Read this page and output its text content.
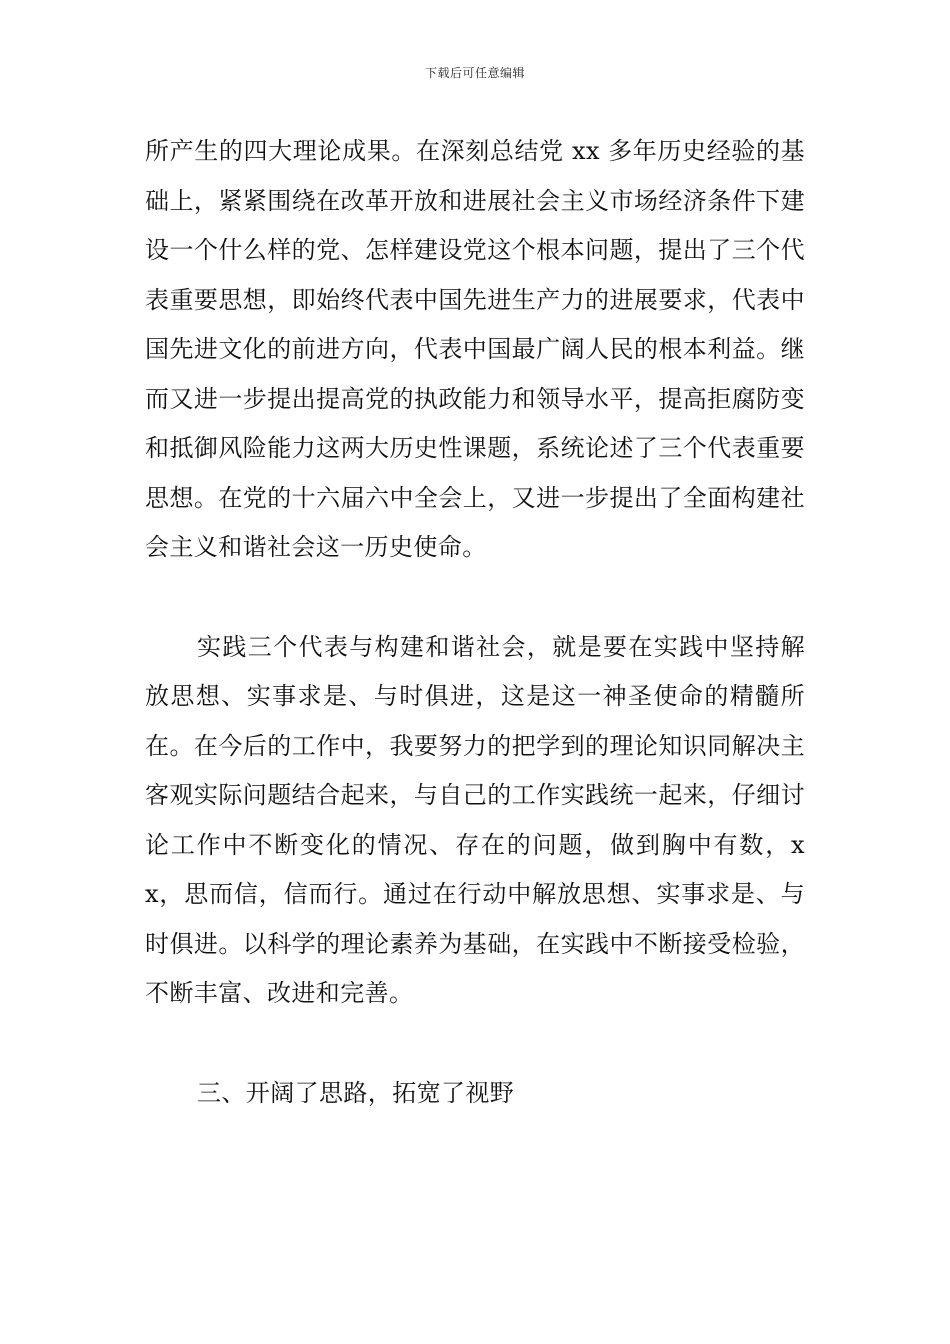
下载后可任意编辑

所产生的四大理论成果。在深刻总结党 xx 多年历史经验的基础上，紧紧围绕在改革开放和进展社会主义市场经济条件下建设一个什么样的党、怎样建设党这个根本问题，提出了三个代表重要思想，即始终代表中国先进生产力的进展要求，代表中国先进文化的前进方向，代表中国最广阔人民的根本利益。继而又进一步提出提高党的执政能力和领导水平，提高拒腐防变和抵御风险能力这两大历史性课题，系统论述了三个代表重要思想。在党的十六届六中全会上，又进一步提出了全面构建社会主义和谐社会这一历史使命。

实践三个代表与构建和谐社会，就是要在实践中坚持解放思想、实事求是、与时俱进，这是这一神圣使命的精髓所在。在今后的工作中，我要努力的把学到的理论知识同解决主客观实际问题结合起来，与自己的工作实践统一起来，仔细讨论工作中不断变化的情况、存在的问题，做到胸中有数，xx，思而信，信而行。通过在行动中解放思想、实事求是、与时俱进。以科学的理论素养为基础，在实践中不断接受检验，不断丰富、改进和完善。

三、开阔了思路，拓宽了视野
